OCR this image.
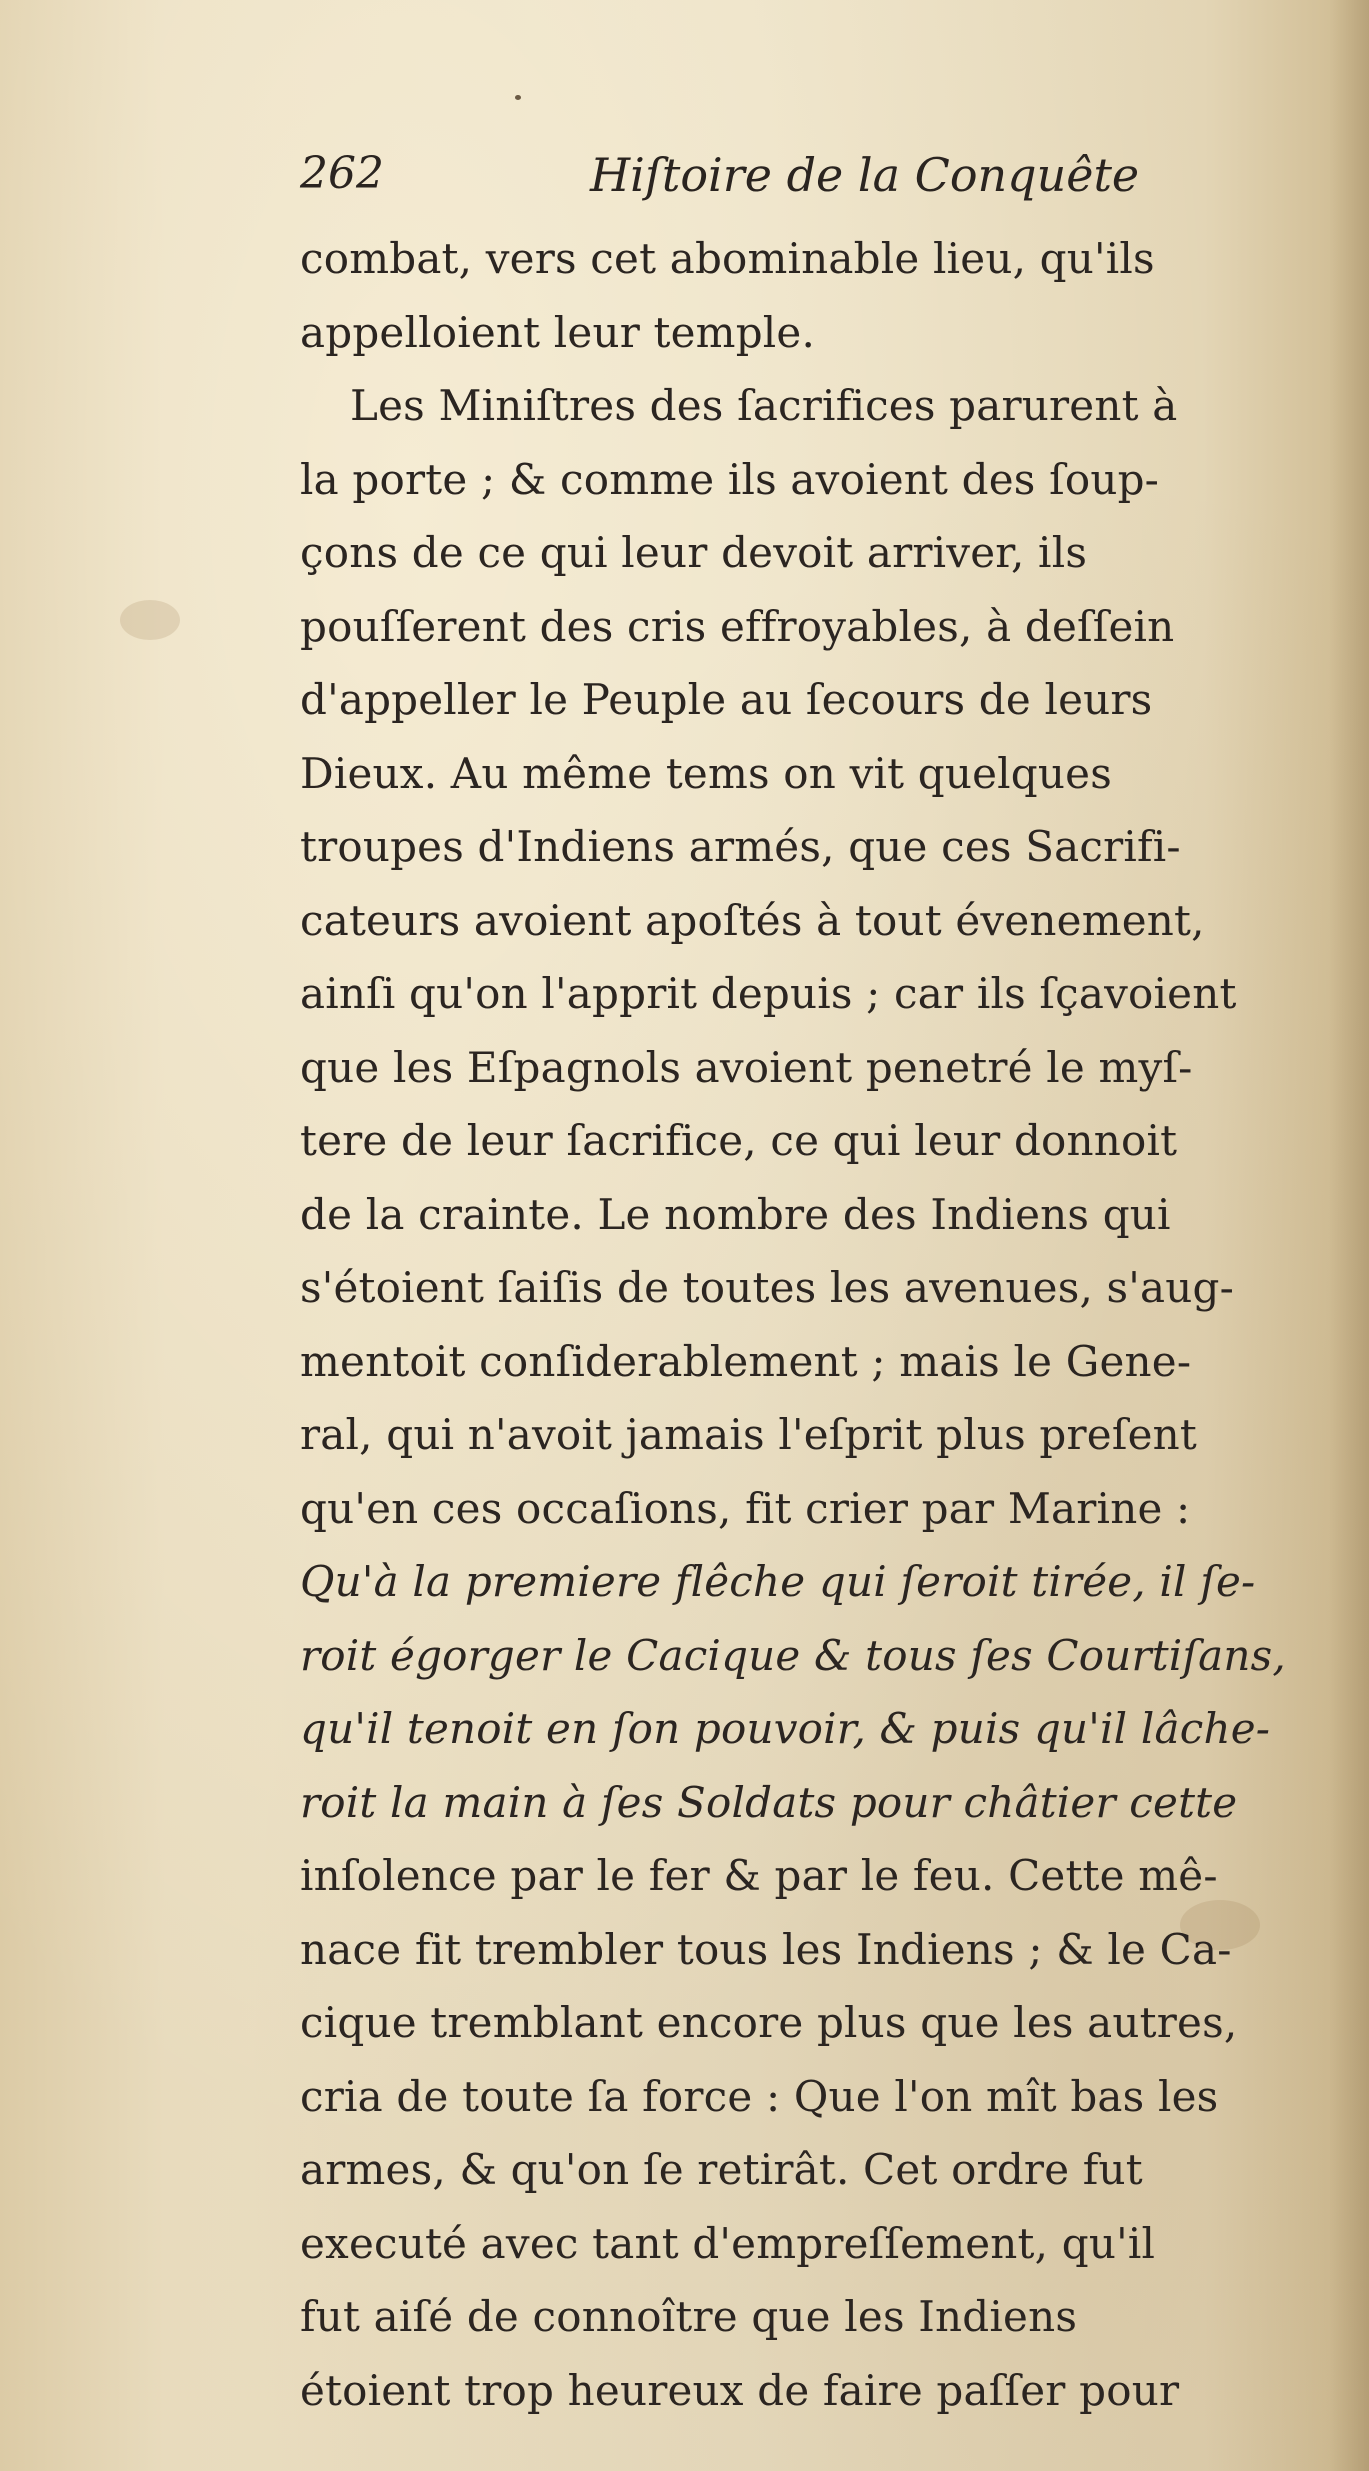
262	Hiſtoire de la Conquête
combat, vers cet abominable lieu, qu'ils
appelloient leur temple.
Les Miniſtres des ſacrifices parurent à
la porte ; & comme ils avoient des ſoup-
çons de ce qui leur devoit arriver, ils
pouſſerent des cris effroyables, à deſſein
d'appeller le Peuple au ſecours de leurs
Dieux. Au même tems on vit quelques
troupes d'Indiens armés, que ces Sacrifi-
cateurs avoient apoſtés à tout évenement,
ainſi qu'on l'apprit depuis ; car ils ſçavoient
que les Eſpagnols avoient penetré le myſ-
tere de leur ſacrifice, ce qui leur donnoit
de la crainte. Le nombre des Indiens qui
s'étoient ſaiſis de toutes les avenues, s'aug-
mentoit conſiderablement ; mais le Gene-
ral, qui n'avoit jamais l'eſprit plus preſent
qu'en ces occaſions, fit crier par Marine :
Qu'à la premiere flêche qui ſeroit tirée, il ſe-
roit égorger le Cacique & tous ſes Courtiſans,
qu'il tenoit en ſon pouvoir, & puis qu'il lâche-
roit la main à ſes Soldats pour châtier cette
inſolence par le fer & par le feu. Cette mê-
nace fit trembler tous les Indiens ; & le Ca-
cique tremblant encore plus que les autres,
cria de toute ſa force : Que l'on mît bas les
armes, & qu'on ſe retirât. Cet ordre fut
executé avec tant d'empreſſement, qu'il
fut aiſé de connoître que les Indiens
étoient trop heureux de faire paſſer pour
